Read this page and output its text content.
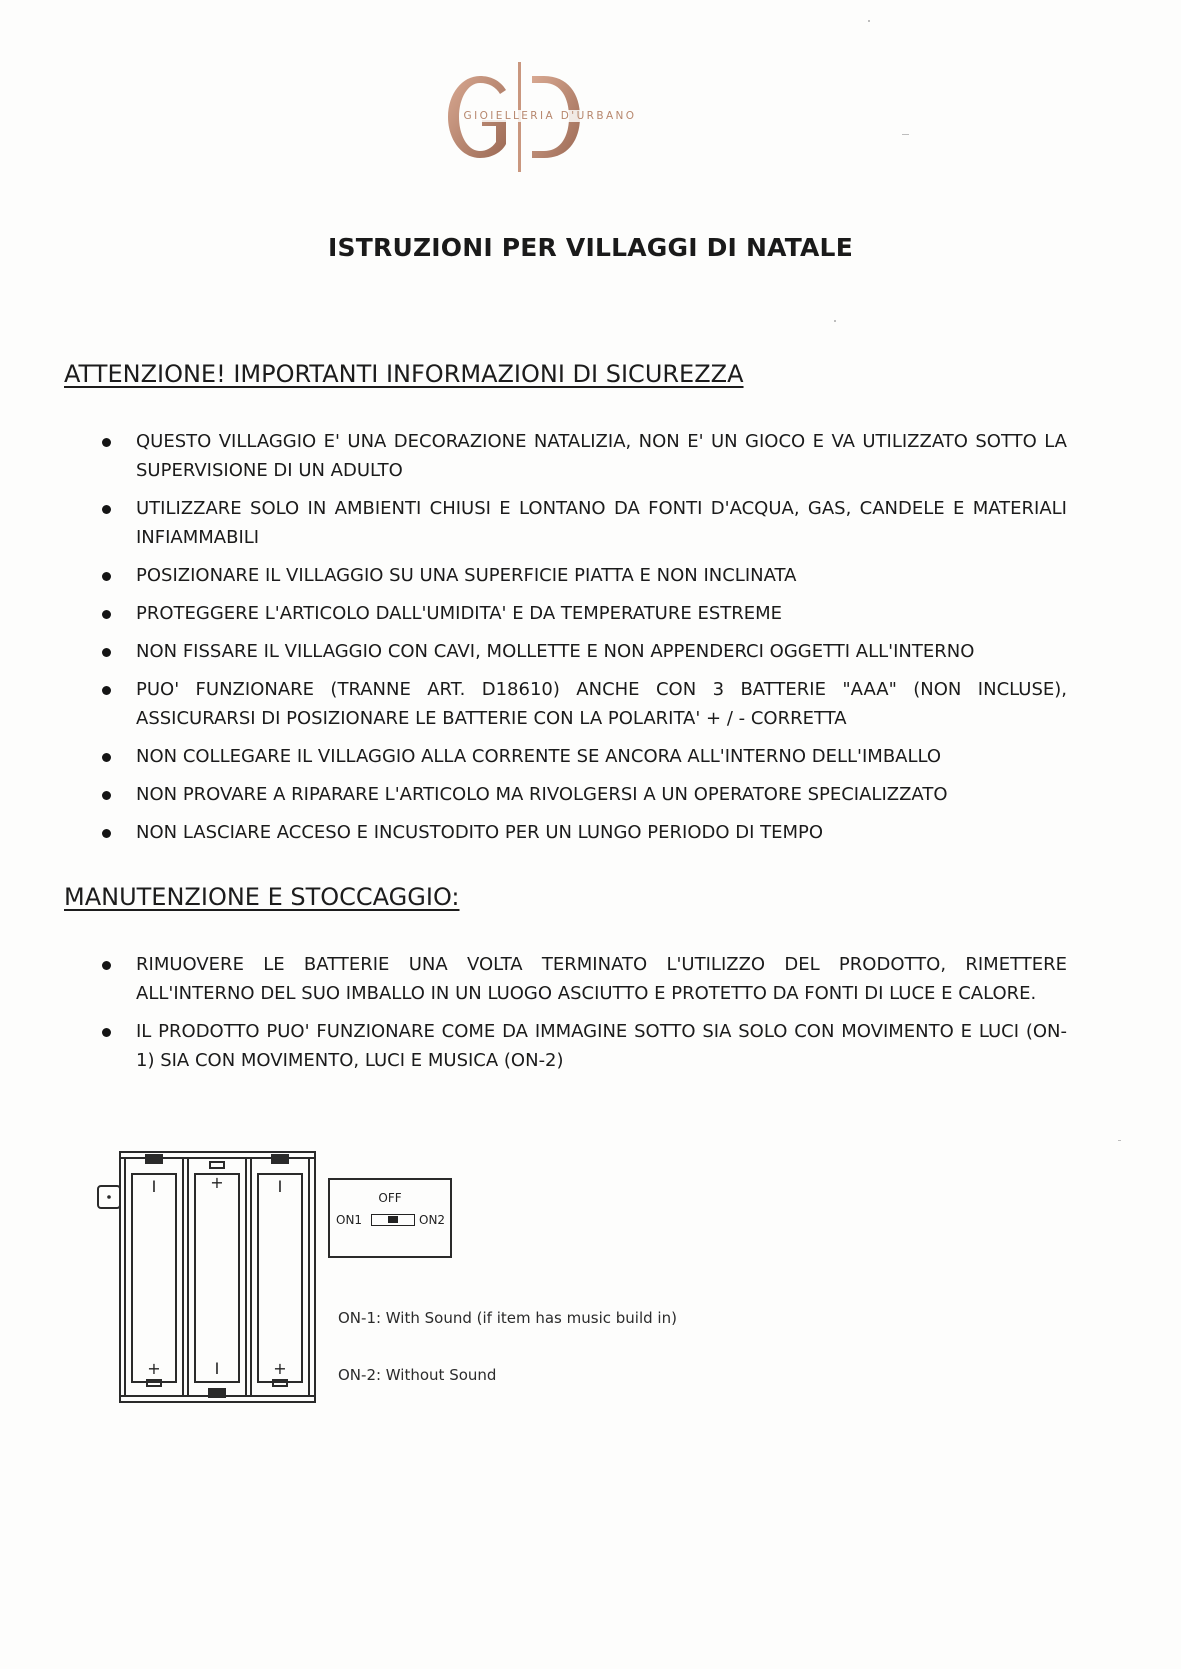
GIOIELLERIA D'URBANO
ISTRUZIONI PER VILLAGGI DI NATALE
ATTENZIONE! IMPORTANTI INFORMAZIONI DI SICUREZZA
QUESTO VILLAGGIO E' UNA DECORAZIONE NATALIZIA, NON E' UN GIOCO E VA UTILIZZATO SOTTO LA SUPERVISIONE DI UN ADULTO
UTILIZZARE SOLO IN AMBIENTI CHIUSI E LONTANO DA FONTI D'ACQUA, GAS, CANDELE E MATERIALI INFIAMMABILI
POSIZIONARE IL VILLAGGIO SU UNA SUPERFICIE PIATTA E NON INCLINATA
PROTEGGERE L'ARTICOLO DALL'UMIDITA' E DA TEMPERATURE ESTREME
NON FISSARE IL VILLAGGIO CON CAVI, MOLLETTE E NON APPENDERCI OGGETTI ALL'INTERNO
PUO' FUNZIONARE (TRANNE ART. D18610) ANCHE CON 3 BATTERIE "AAA" (NON INCLUSE), ASSICURARSI DI POSIZIONARE LE BATTERIE CON LA POLARITA' + / - CORRETTA
NON COLLEGARE IL VILLAGGIO ALLA CORRENTE SE ANCORA ALL'INTERNO DELL'IMBALLO
NON PROVARE A RIPARARE L'ARTICOLO MA RIVOLGERSI A UN OPERATORE SPECIALIZZATO
NON LASCIARE ACCESO E INCUSTODITO PER UN LUNGO PERIODO DI TEMPO
MANUTENZIONE E STOCCAGGIO:
RIMUOVERE LE BATTERIE UNA VOLTA TERMINATO L'UTILIZZO DEL PRODOTTO, RIMETTERE ALL'INTERNO DEL SUO IMBALLO IN UN LUOGO ASCIUTTO E PROTETTO DA FONTI DI LUCE E CALORE.
IL PRODOTTO PUO' FUNZIONARE COME DA IMMAGINE SOTTO SIA SOLO CON MOVIMENTO E LUCI (ON-1) SIA CON MOVIMENTO, LUCI E MUSICA (ON-2)
I
+
+
I
I
+
OFF
ON1	ON2
ON-1: With Sound (if item has music build in)
ON-2: Without Sound
